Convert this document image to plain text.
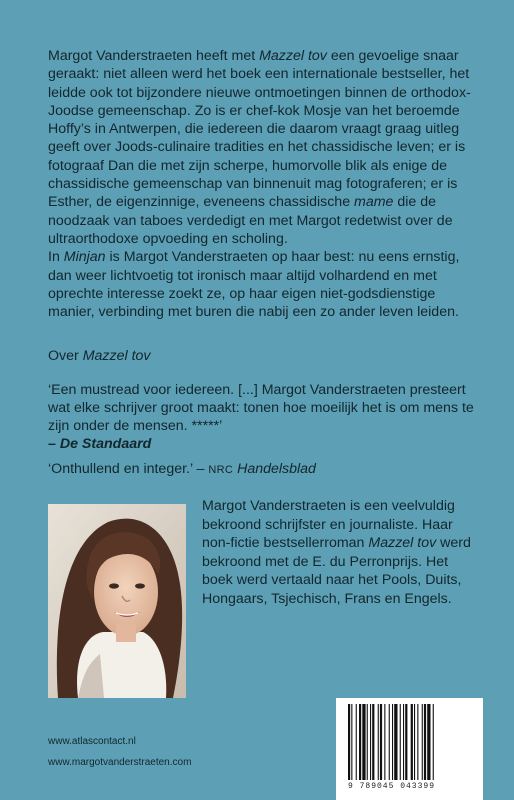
Margot Vanderstraeten heeft met Mazzel tov een gevoelige snaar geraakt: niet alleen werd het boek een internationale bestseller, het leidde ook tot bijzondere nieuwe ontmoetingen binnen de orthodox-Joodse gemeenschap. Zo is er chef-kok Mosje van het beroemde Hoffy’s in Antwerpen, die iedereen die daarom vraagt graag uitleg geeft over Joods-culinaire tradities en het chassidische leven; er is fotograaf Dan die met zijn scherpe, humorvolle blik als enige de chassidische gemeenschap van binnenuit mag fotograferen; er is Esther, de eigenzinnige, eveneens chassidische mame die de noodzaak van taboes verdedigt en met Margot redetwist over de ultraorthodoxe opvoeding en scholing.

In Minjan is Margot Vanderstraeten op haar best: nu eens ernstig, dan weer lichtvoetig tot ironisch maar altijd volhardend en met oprechte interesse zoekt ze, op haar eigen niet-godsdienstige manier, verbinding met buren die nabij een zo ander leven leiden.

Over Mazzel tov
‘Een mustread voor iedereen. [...] Margot Vanderstraeten presteert wat elke schrijver groot maakt: tonen hoe moeilijk het is om mens te zijn onder de mensen. *****’
– De Standaard
‘Onthullend en integer.’ – NRC Handelsblad
Margot Vanderstraeten is een veelvuldig bekroond schrijfster en journaliste. Haar non-fictie bestsellerroman Mazzel tov werd bekroond met de E. du Perronprijs. Het boek werd vertaald naar het Pools, Duits, Hongaars, Tsjechisch, Frans en Engels.
www.atlascontact.nl
www.margotvanderstraeten.com
9 789045 043399
